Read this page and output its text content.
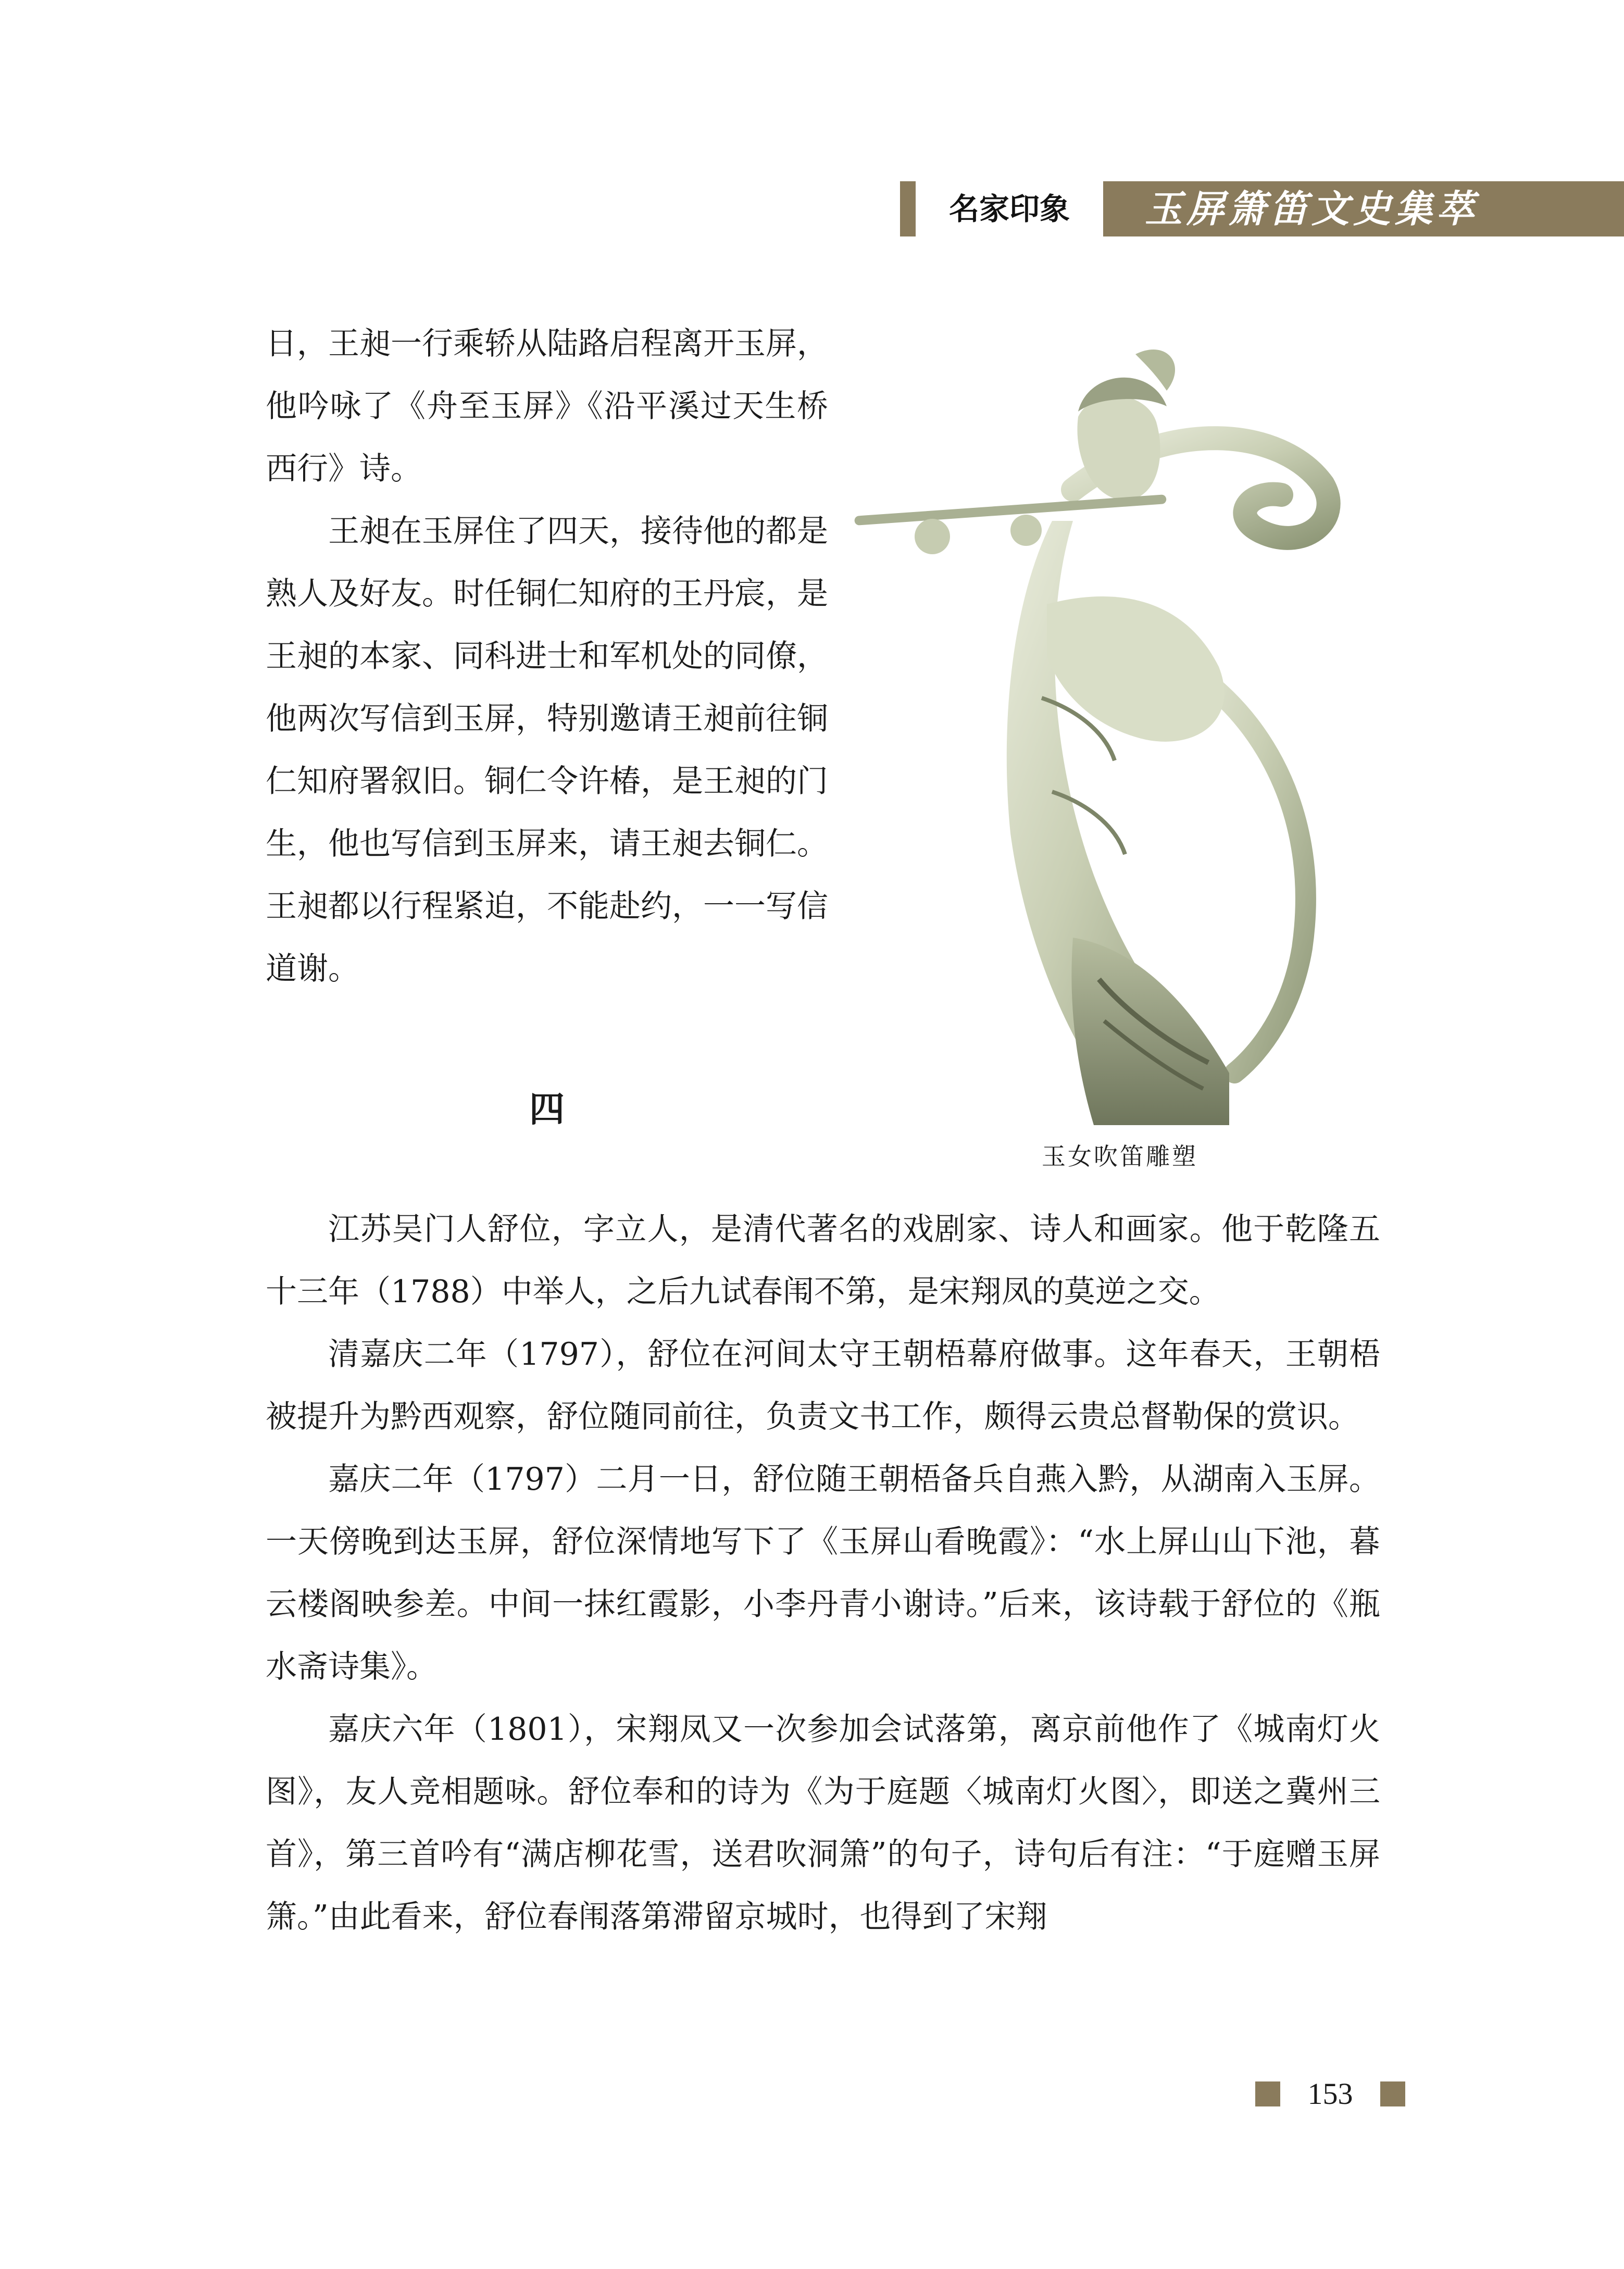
名家印象	玉屏箫笛文史集萃

日，王昶一行乘轿从陆路启程离开玉屏，他吟咏了《舟至玉屏》《沿平溪过天生桥西行》诗。

王昶在玉屏住了四天，接待他的都是熟人及好友。时任铜仁知府的王丹宸，是王昶的本家、同科进士和军机处的同僚，他两次写信到玉屏，特别邀请王昶前往铜仁知府署叙旧。铜仁令许椿，是王昶的门生，他也写信到玉屏来，请王昶去铜仁。王昶都以行程紧迫，不能赴约，一一写信道谢。

四
玉女吹笛雕塑

江苏吴门人舒位，字立人，是清代著名的戏剧家、诗人和画家。他于乾隆五十三年（1788）中举人，之后九试春闱不第，是宋翔凤的莫逆之交。

清嘉庆二年（1797），舒位在河间太守王朝梧幕府做事。这年春天，王朝梧被提升为黔西观察，舒位随同前往，负责文书工作，颇得云贵总督勒保的赏识。

嘉庆二年（1797）二月一日，舒位随王朝梧备兵自燕入黔，从湖南入玉屏。一天傍晚到达玉屏，舒位深情地写下了《玉屏山看晚霞》：“水上屏山山下池，暮云楼阁映参差。中间一抹红霞影，小李丹青小谢诗。”后来，该诗载于舒位的《瓶水斋诗集》。

嘉庆六年（1801），宋翔凤又一次参加会试落第，离京前他作了《城南灯火图》，友人竞相题咏。舒位奉和的诗为《为于庭题〈城南灯火图〉，即送之冀州三首》，第三首吟有“满店柳花雪，送君吹洞箫”的句子，诗句后有注：“于庭赠玉屏箫。”由此看来，舒位春闱落第滞留京城时，也得到了宋翔

153
